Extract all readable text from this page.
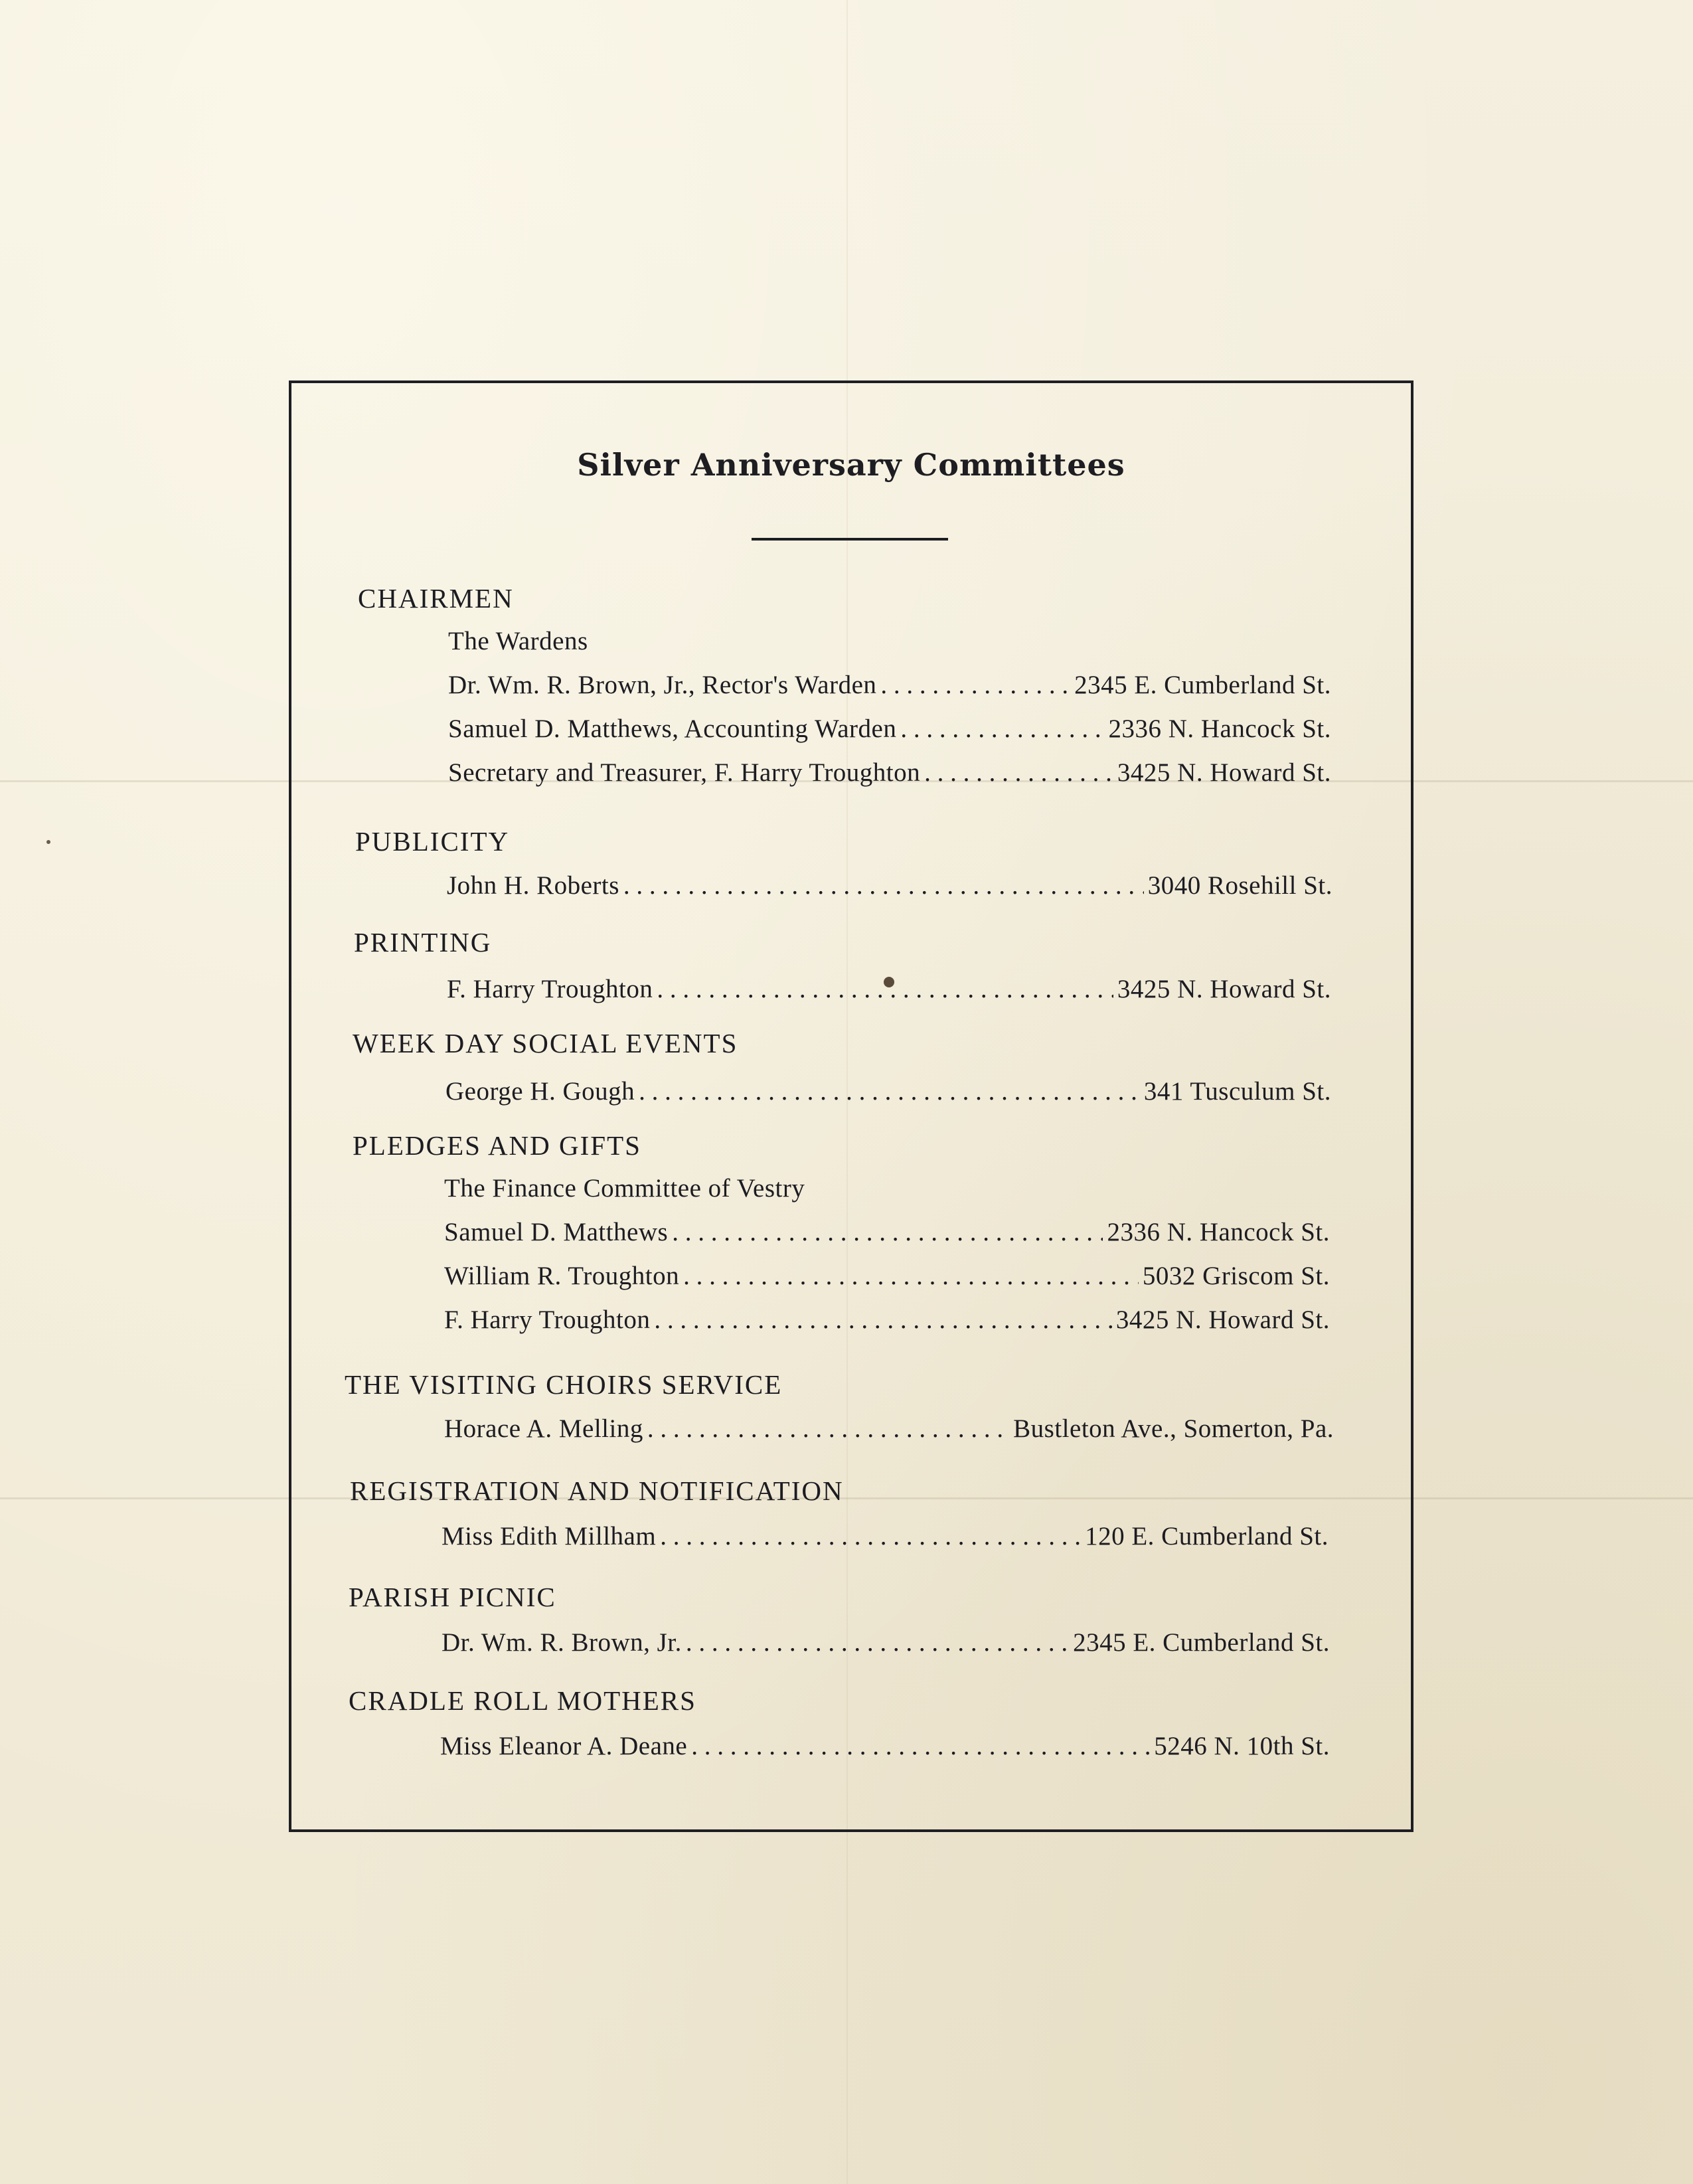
Silver Anniversary Committees
CHAIRMEN
The Wardens
Dr. Wm. R. Brown, Jr., Rector's Warden . . .	2345 E. Cumberland St.
Samuel D. Matthews, Accounting Warden . . .	2336 N. Hancock St.
Secretary and Treasurer, F. Harry Troughton . . .	3425 N. Howard St.
PUBLICITY
John H. Roberts . . .	3040 Rosehill St.
PRINTING
F. Harry Troughton . . .	3425 N. Howard St.
WEEK DAY SOCIAL EVENTS
George H. Gough . . .	341 Tusculum St.
PLEDGES AND GIFTS
The Finance Committee of Vestry
Samuel D. Matthews . . .	2336 N. Hancock St.
William R. Troughton . . .	5032 Griscom St.
F. Harry Troughton . . .	3425 N. Howard St.
THE VISITING CHOIRS SERVICE
Horace A. Melling . . .	Bustleton Ave., Somerton, Pa.
REGISTRATION AND NOTIFICATION
Miss Edith Millham . . .	120 E. Cumberland St.
PARISH PICNIC
Dr. Wm. R. Brown, Jr. . . .	2345 E. Cumberland St.
CRADLE ROLL MOTHERS
Miss Eleanor A. Deane . . .	5246 N. 10th St.
